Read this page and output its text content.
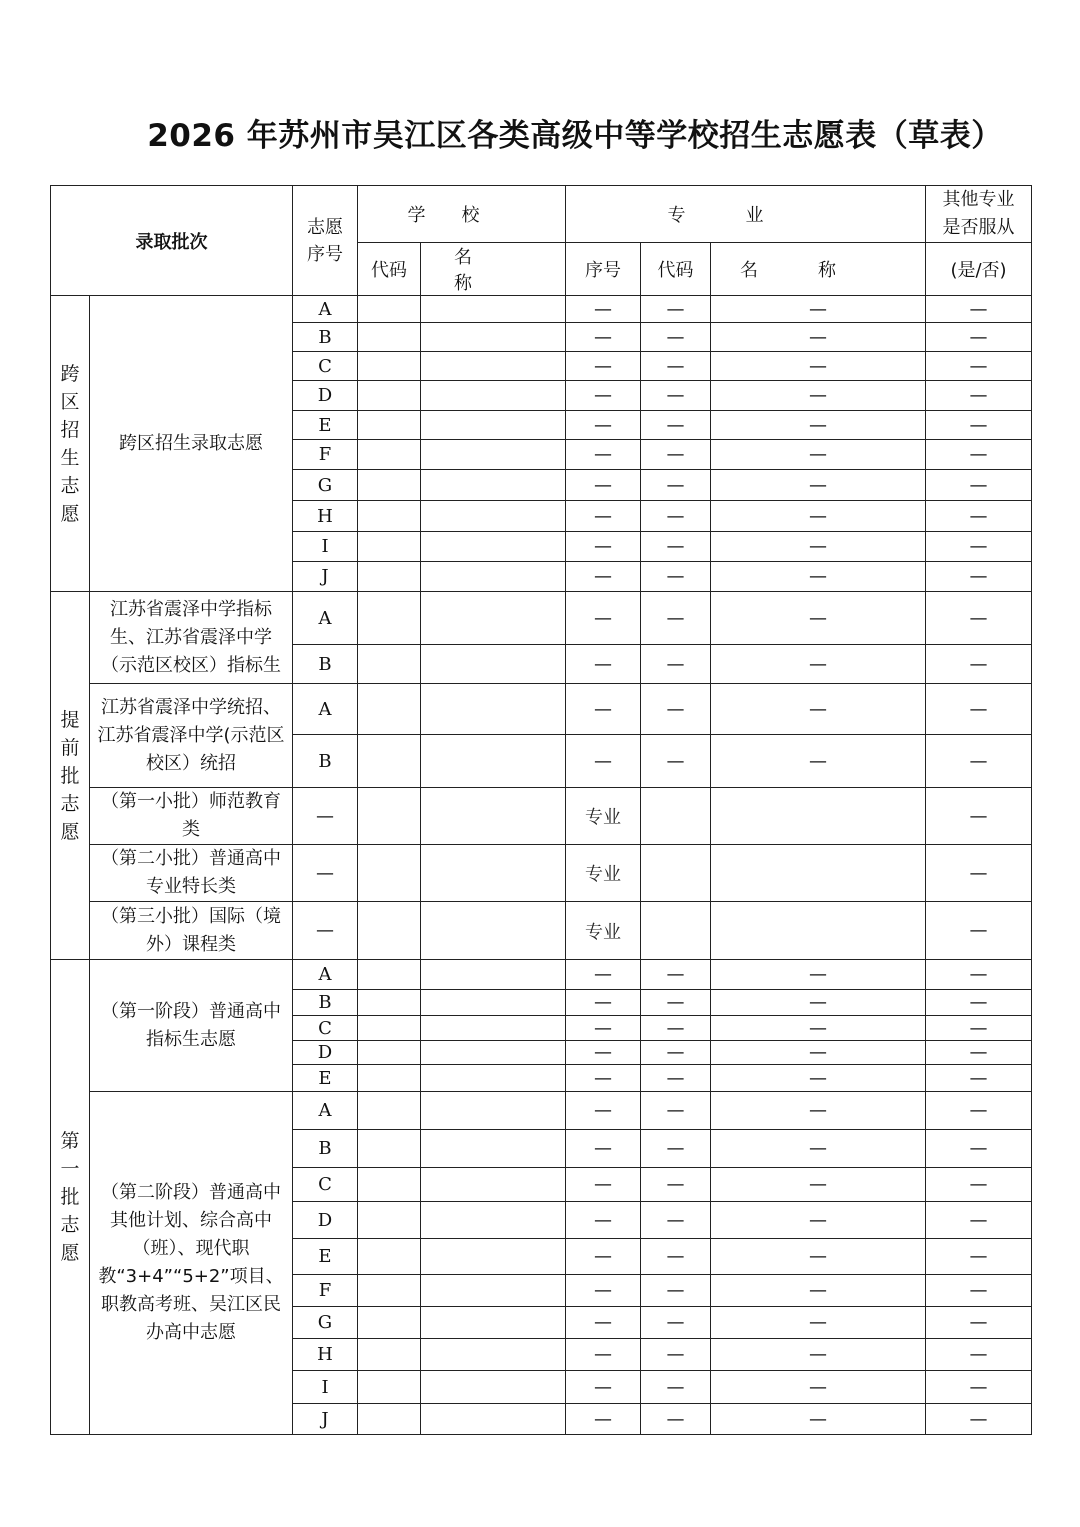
2026 年苏州市吴江区各类高级中等学校招生志愿表（草表）
录取批次		志愿序号	学校		专业			其他专业是否服从

			代码	名称	序号	代码	名称	(是/否)

跨区招生志愿	跨区招生录取志愿	A			—	—	—	—
		B			—	—	—	—
		C			—	—	—	—
		D			—	—	—	—
		E			—	—	—	—
		F			—	—	—	—
		G			—	—	—	—
		H			—	—	—	—
		I			—	—	—	—
		J			—	—	—	—

提前批志愿	江苏省震泽中学指标生、江苏省震泽中学（示范区校区）指标生	A			—	—	—	—
		B			—	—	—	—
	江苏省震泽中学统招、江苏省震泽中学(示范区校区）统招	A			—	—	—	—
		B			—	—	—	—
	（第一小批）师范教育类	—			专业			—
	（第二小批）普通高中专业特长类	—			专业			—
	（第三小批）国际（境外）课程类	—			专业			—

第一批志愿	（第一阶段）普通高中指标生志愿	A			—	—	—	—
		B			—	—	—	—
		C			—	—	—	—
		D			—	—	—	—
		E			—	—	—	—
	（第二阶段）普通高中其他计划、综合高中（班）、现代职教“3+4”“5+2”项目、职教高考班、吴江区民办高中志愿	A			—	—	—	—
		B			—	—	—	—
		C			—	—	—	—
		D			—	—	—	—
		E			—	—	—	—
		F			—	—	—	—
		G			—	—	—	—
		H			—	—	—	—
		I			—	—	—	—
		J			—	—	—	—
